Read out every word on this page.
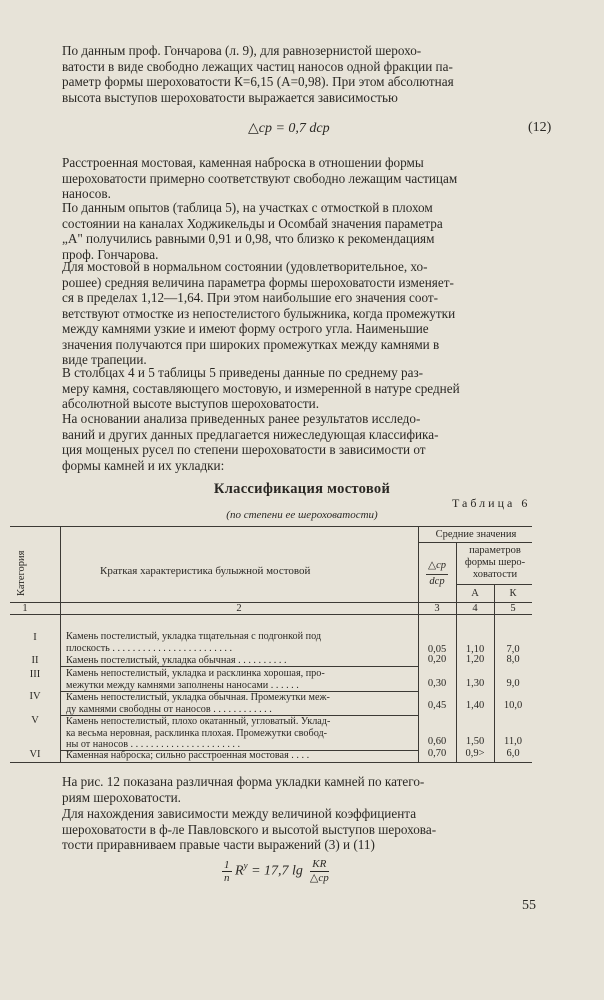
По данным проф. Гончарова (л. 9), для равнозернистой шерохо-
ватости в виде свободно лежащих частиц наносов одной фракции па-
раметр формы шероховатости К=6,15 (А=0,98). При этом абсолютная
высота выступов шероховатости выражается зависимостью

△ср = 0,7 dср	(12)

Расстроенная мостовая, каменная наброска в отношении формы
шероховатости примерно соответствуют свободно лежащим частицам
наносов.

По данным опытов (таблица 5), на участках с отмосткой в плохом
состоянии на каналах Ходжикельды и Осомбай значения параметра
„А" получились равными 0,91 и 0,98, что близко к рекомендациям
проф. Гончарова.

Для мостовой в нормальном состоянии (удовлетворительное, хо-
рошее) средняя величина параметра формы шероховатости изменяет-
ся в пределах 1,12—1,64. При этом наибольшие его значения соот-
ветствуют отмостке из непостелистого булыжника, когда промежутки
между камнями узкие и имеют форму острого угла. Наименьшие
значения получаются при широких промежутках между камнями в
виде трапеции.

В столбцах 4 и 5 таблицы 5 приведены данные по среднему раз-
меру камня, составляющего мостовую, и измеренной в натуре средней
абсолютной высоте выступов шероховатости.

На основании анализа приведенных ранее результатов исследо-
ваний и других данных предлагается нижеследующая классифика-
ция мощеных русел по степени шероховатости в зависимости от
формы камней и их укладки:

Классификация мостовой
Таблица 6
(по степени ее шероховатости)
Категория	Краткая характеристика булыжной мостовой
Средние значения
△ср
dср
параметров
формы шеро-
ховатости
А	К
1	2	3	4	5
I	Камень постелистый, укладка тщательная с подгонкой под
плоскость . . . . . . . . . . . . . . . . . . . . . . . .	0,05	1,10	7,0
II	Камень постелистый, укладка обычная . . . . . . . . . .	0,20	1,20	8,0
III	Камень непостелистый, укладка и расклинка хорошая, про-
межутки между камнями заполнены наносами . . . . . .	0,30	1,30	9,0
IV	Камень непостелистый, укладка обычная. Промежутки меж-
ду камнями свободны от наносов . . . . . . . . . . . .	0,45	1,40	10,0
V	Камень непостелистый, плохо окатанный, угловатый. Уклад-
ка весьма неровная, расклинка плохая. Промежутки свобод-
ны от наносов . . . . . . . . . . . . . . . . . . . . . .	0,60	1,50	11,0
VI	Каменная наброска; сильно расстроенная мостовая . . . .	0,70	0,9>	6,0

На рис. 12 показана различная форма укладки камней по катего-
риям шероховатости.

Для нахождения зависимости между величиной коэффициента
шероховатости в ф-ле Павловского и высотой выступов шерохова-
тости приравниваем правые части выражений (3) и (11)

$\frac{1}{n} R^y = 17,7$ lg KR
△ср
55
